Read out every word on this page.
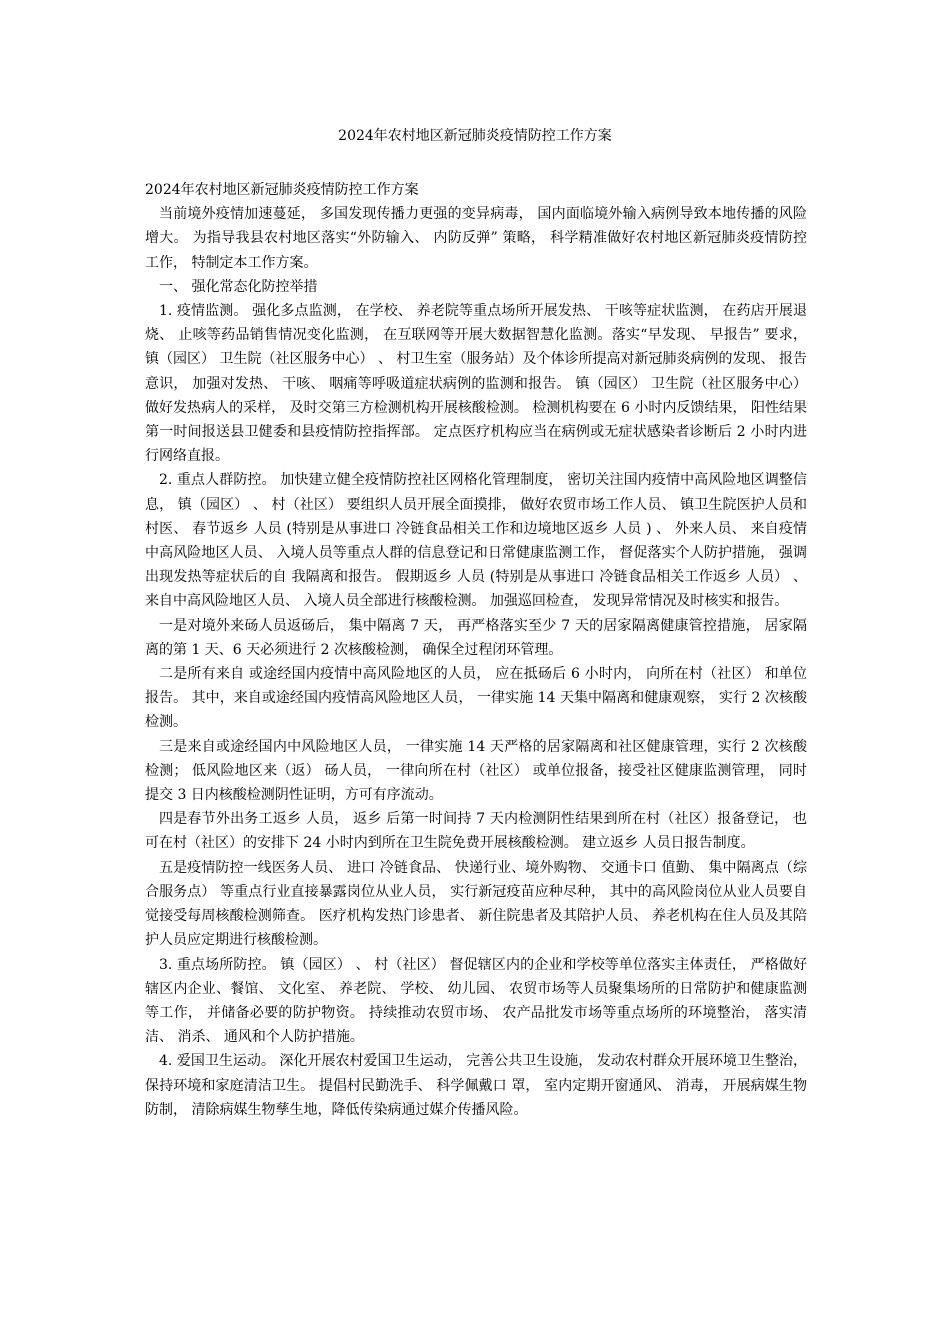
2024年农村地区新冠肺炎疫情防控工作方案

2024年农村地区新冠肺炎疫情防控工作方案

当前境外疫情加速蔓延， 多国发现传播力更强的变异病毒， 国内面临境外输入病例导致本地传播的风险增大。 为指导我县农村地区落实“外防输入、 内防反弹” 策略， 科学精准做好农村地区新冠肺炎疫情防控工作， 特制定本工作方案。

一、 强化常态化防控举措

1. 疫情监测。 强化多点监测， 在学校、 养老院等重点场所开展发热、 干咳等症状监测， 在药店开展退烧、 止咳等药品销售情况变化监测， 在互联网等开展大数据智慧化监测。落实“早发现、 早报告” 要求， 镇（园区） 卫生院（社区服务中心） 、 村卫生室（服务站）及个体诊所提高对新冠肺炎病例的发现、 报告意识， 加强对发热、 干咳、 咽痛等呼吸道症状病例的监测和报告。 镇（园区） 卫生院（社区服务中心）做好发热病人的采样， 及时交第三方检测机构开展核酸检测。 检测机构要在 6 小时内反馈结果， 阳性结果第一时间报送县卫健委和县疫情防控指挥部。 定点医疗机构应当在病例或无症状感染者诊断后 2 小时内进行网络直报。

2. 重点人群防控。 加快建立健全疫情防控社区网格化管理制度， 密切关注国内疫情中高风险地区调整信息， 镇（园区） 、 村（社区） 要组织人员开展全面摸排， 做好农贸市场工作人员、 镇卫生院医护人员和村医、 春节返乡 人员 (特别是从事进口 冷链食品相关工作和边境地区返乡 人员 ) 、 外来人员、 来自疫情中高风险地区人员、 入境人员等重点人群的信息登记和日常健康监测工作， 督促落实个人防护措施， 强调出现发热等症状后的自 我隔离和报告。 假期返乡 人员 (特别是从事进口 冷链食品相关工作返乡 人员） 、 来自中高风险地区人员、 入境人员全部进行核酸检测。 加强巡回检查， 发现异常情况及时核实和报告。

一是对境外来砀人员返砀后， 集中隔离 7 天， 再严格落实至少 7 天的居家隔离健康管控措施， 居家隔离的第 1 天、6 天必须进行 2 次核酸检测， 确保全过程闭环管理。

二是所有来自 或途经国内疫情中高风险地区的人员， 应在抵砀后 6 小时内， 向所在村（社区） 和单位报告。 其中，来自或途经国内疫情高风险地区人员， 一律实施 14 天集中隔离和健康观察， 实行 2 次核酸检测。

三是来自或途经国内中风险地区人员， 一律实施 14 天严格的居家隔离和社区健康管理，实行 2 次核酸检测； 低风险地区来（返） 砀人员， 一律向所在村（社区） 或单位报备，接受社区健康监测管理， 同时提交 3 日内核酸检测阴性证明，方可有序流动。

四是春节外出务工返乡 人员， 返乡 后第一时间持 7 天内检测阴性结果到所在村（社区）报备登记， 也可在村（社区）的安排下 24 小时内到所在卫生院免费开展核酸检测。 建立返乡 人员日报告制度。

五是疫情防控一线医务人员、 进口 冷链食品、 快递行业、境外购物、 交通卡口 值勤、 集中隔离点（综合服务点） 等重点行业直接暴露岗位从业人员， 实行新冠疫苗应种尽种， 其中的高风险岗位从业人员要自觉接受每周核酸检测筛查。 医疗机构发热门诊患者、 新住院患者及其陪护人员、 养老机构在住人员及其陪护人员应定期进行核酸检测。

3. 重点场所防控。 镇（园区） 、 村（社区） 督促辖区内的企业和学校等单位落实主体责任， 严格做好辖区内企业、餐馆、 文化室、 养老院、 学校、 幼儿园、 农贸市场等人员聚集场所的日常防护和健康监测等工作， 并储备必要的防护物资。 持续推动农贸市场、 农产品批发市场等重点场所的环境整治， 落实清洁、 消杀、 通风和个人防护措施。

4. 爱国卫生运动。 深化开展农村爱国卫生运动， 完善公共卫生设施， 发动农村群众开展环境卫生整治， 保持环境和家庭清洁卫生。 提倡村民勤洗手、 科学佩戴口 罩， 室内定期开窗通风、 消毒， 开展病媒生物防制， 清除病媒生物孳生地，降低传染病通过媒介传播风险。
